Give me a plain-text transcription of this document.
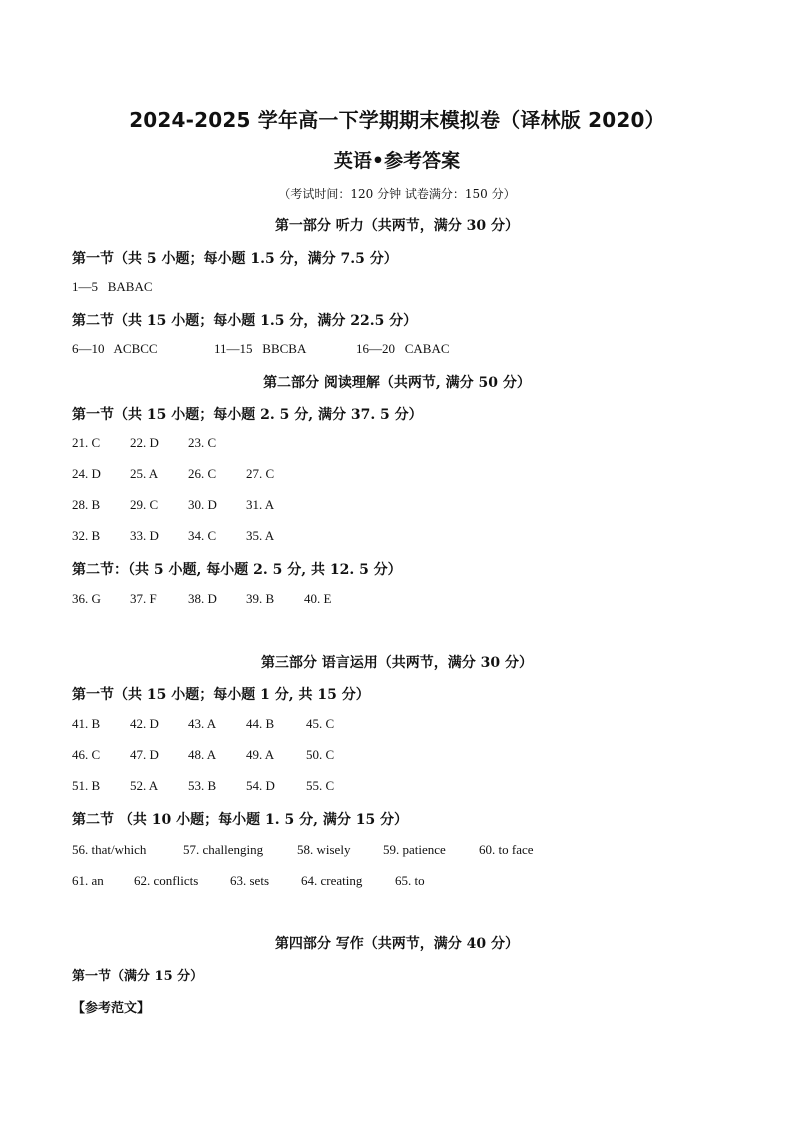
2024-2025 学年高一下学期期末模拟卷（译林版 2020）
英语•参考答案
（考试时间：120 分钟 试卷满分：150 分）
第一部分 听力（共两节，满分 30 分）
第一节（共 5 小题；每小题 1.5 分，满分 7.5 分）
1—5   BABAC
第二节（共 15 小题；每小题 1.5 分，满分 22.5 分）
6—10   ACBCC	11—15   BBCBA	16—20   CABAC
第二部分 阅读理解（共两节, 满分 50 分）
第一节（共 15 小题；每小题 2. 5 分, 满分 37. 5 分）
21. C 22. D 23. C
24. D 25. A 26. C 27. C
28. B 29. C 30. D 31. A
32. B 33. D 34. C 35. A
第二节：（共 5 小题, 每小题 2. 5 分, 共 12. 5 分）
36. G 37. F 38. D 39. B 40. E
第三部分 语言运用（共两节，满分 30 分）
第一节（共 15 小题；每小题 1 分, 共 15 分）
41. B 42. D 43. A 44. B 45. C
46. C 47. D 48. A 49. A 50. C
51. B 52. A 53. B 54. D 55. C
第二节 （共 10 小题；每小题 1. 5 分, 满分 15 分）
56. that/which	57. challenging	58. wisely	59. patience	60. to face
61. an 62. conflicts 63. sets 64. creating	65. to
第四部分 写作（共两节，满分 40 分）
第一节（满分 15 分）
【参考范文】
